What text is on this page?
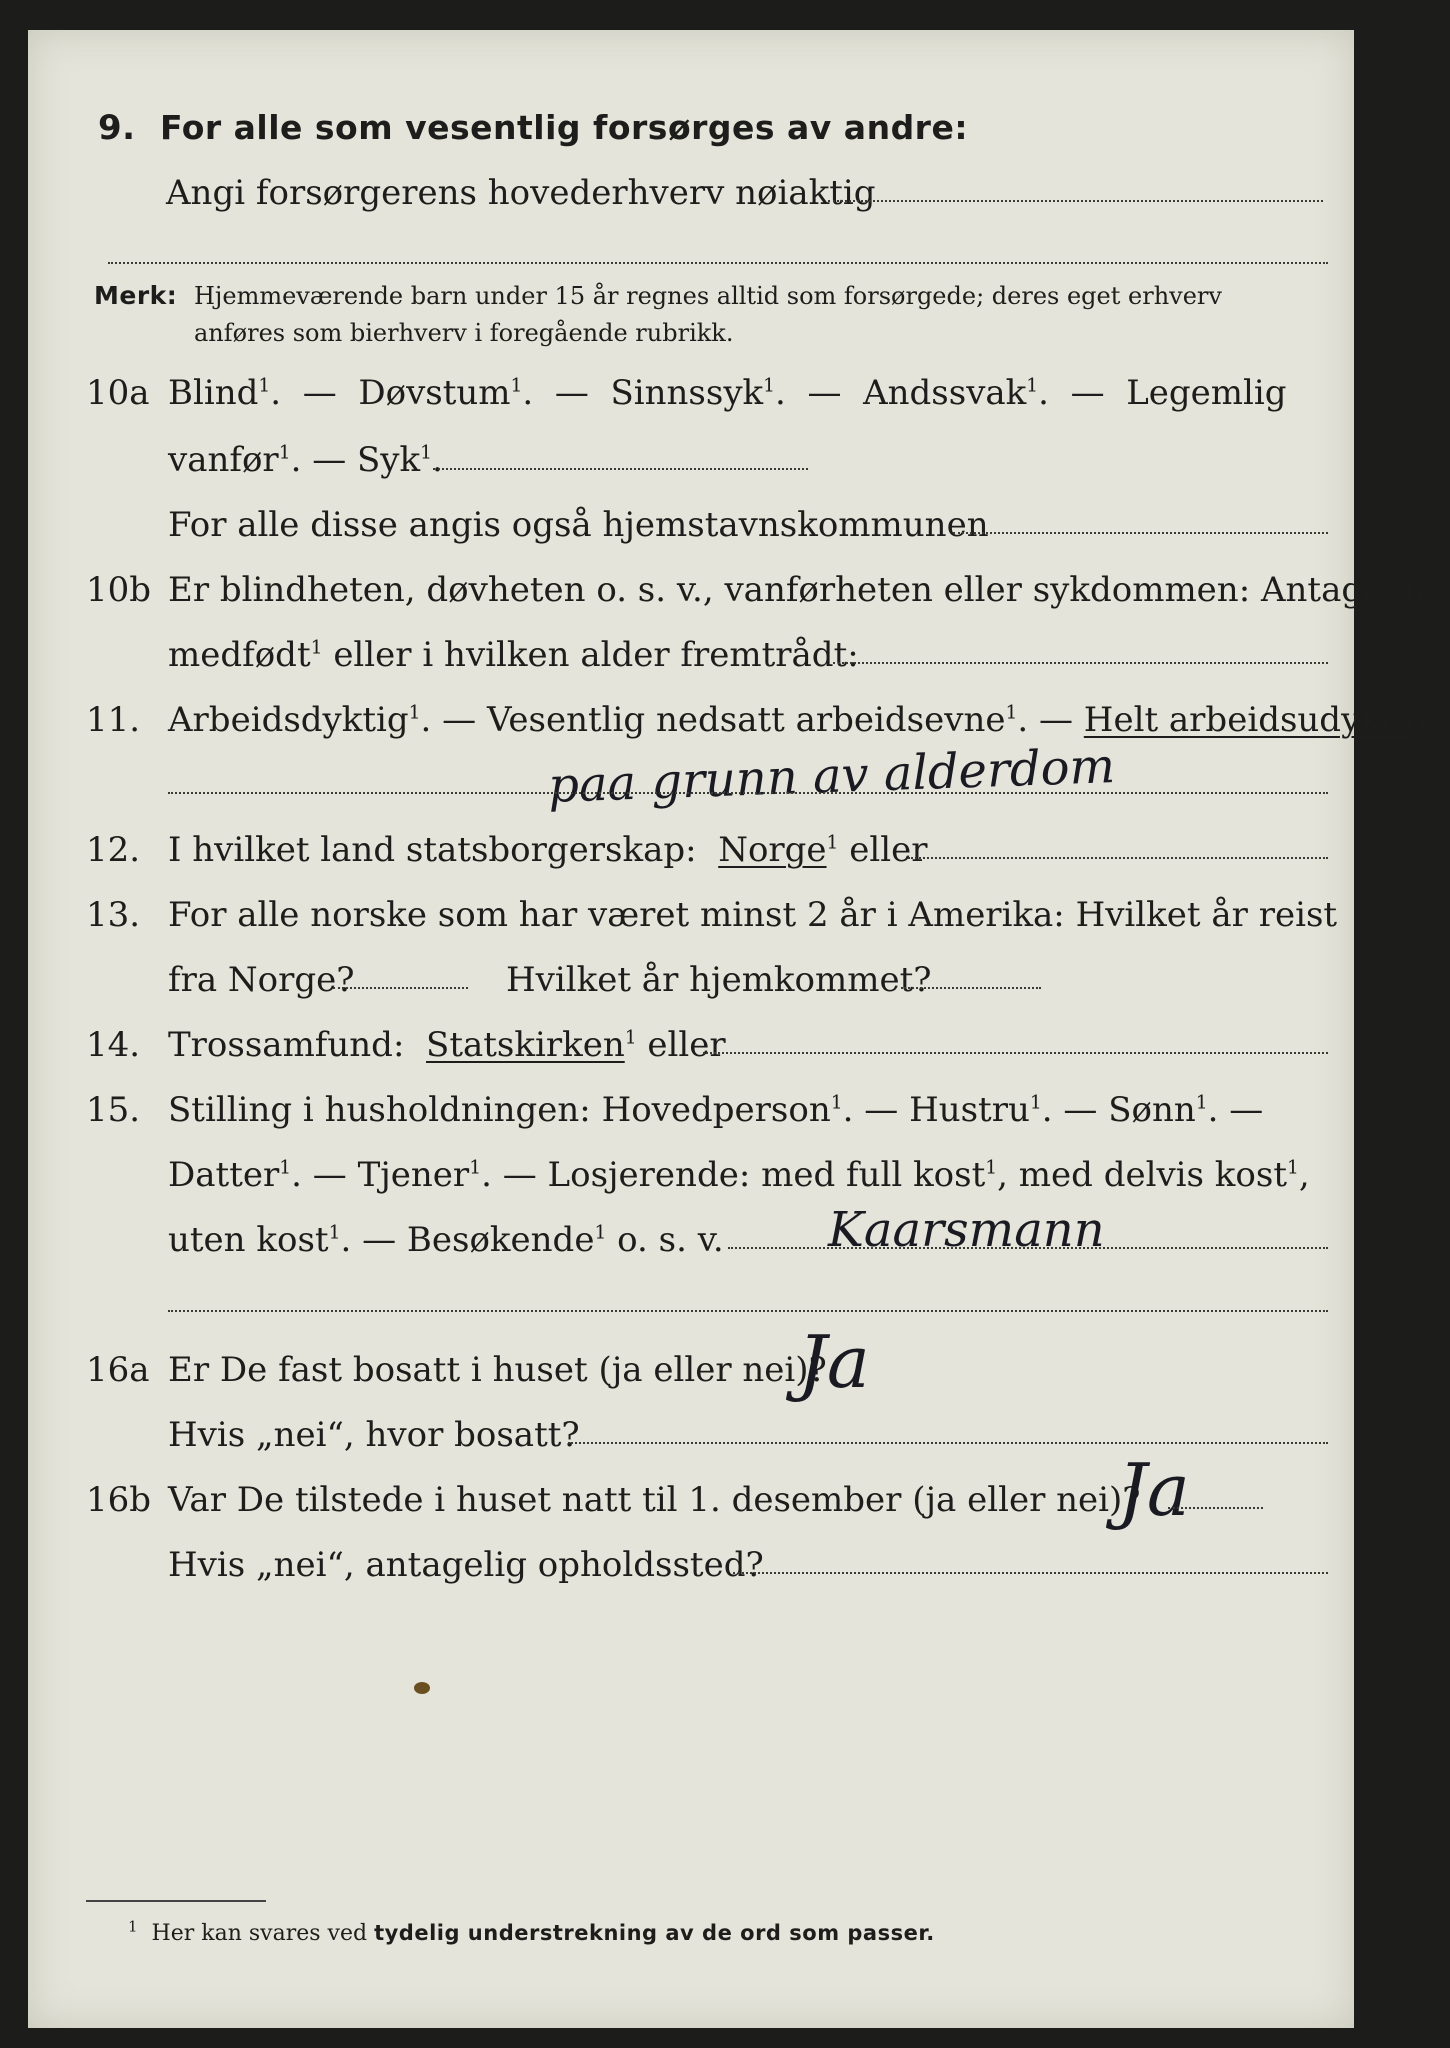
9. For alle som vesentlig forsørges av andre:
Angi forsørgerens hovederhverv nøiaktig
Merk: Hjemmeværende barn under 15 år regnes alltid som forsørgede; deres eget erhverv
anføres som bierhverv i foregående rubrikk.
10a Blind$^1$.  —  Døvstum$^1$.  —  Sinnssyk$^1$.  —  Andssvak$^1$.  —  Legemlig
vanfør$^1$. — Syk$^1$.
For alle disse angis også hjemstavnskommunen
10b Er blindheten, døvheten o. s. v., vanførheten eller sykdommen: Antagelig
medfødt$^1$ eller i hvilken alder fremtrådt:
11. Arbeidsdyktig$^1$. — Vesentlig nedsatt arbeidsevne$^1$. — Helt arbeidsudyktig$^1$.
paa grunn av alderdom
12. I hvilket land statsborgerskap: Norge$^1$ eller
13. For alle norske som har været minst 2 år i Amerika: Hvilket år reist
fra Norge?	Hvilket år hjemkommet?
14. Trossamfund: Statskirken$^1$ eller
15. Stilling i husholdningen: Hovedperson$^1$. — Hustru$^1$. — Sønn$^1$. —
Datter$^1$. — Tjener$^1$. — Losjerende: med full kost$^1$, med delvis kost$^1$,
uten kost$^1$. — Besøkende$^1$ o. s. v. Kaarsmann
16a Er De fast bosatt i huset (ja eller nei)?
Ja
Hvis „nei“, hvor bosatt?
16b Var De tilstede i huset natt til 1. desember (ja eller nei)?
Ja
Hvis „nei“, antagelig opholdssted?
$^1$ Her kan svares ved tydelig understrekning av de ord som passer.
